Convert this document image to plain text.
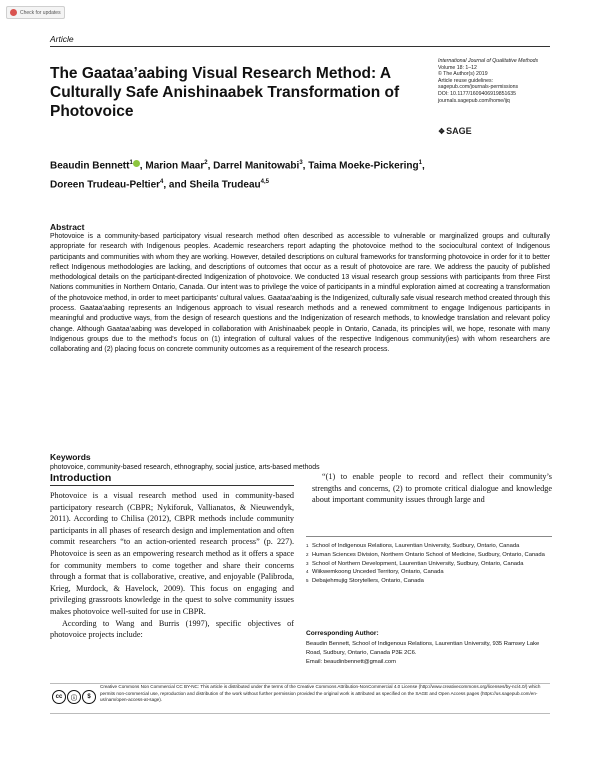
Check for updates
Article
The Gaataa’aabing Visual Research Method: A Culturally Safe Anishinaabek Transformation of Photovoice
International Journal of Qualitative Methods
Volume 18: 1–12
© The Author(s) 2019
Article reuse guidelines:
sagepub.com/journals-permissions
DOI: 10.1177/1609406919851635
journals.sagepub.com/home/ijq
❖ SAGE
Beaudin Bennett$^1$ , Marion Maar$^2$, Darrel Manitowabi$^3$, Taima Moeke-Pickering$^1$,
Doreen Trudeau-Peltier$^4$, and Sheila Trudeau$^{4,5}$
Abstract
Photovoice is a community-based participatory visual research method often described as accessible to vulnerable or marginalized groups and culturally appropriate for research with Indigenous peoples. Academic researchers report adapting the photovoice method to the sociocultural context of Indigenous participants and communities with whom they are working. However, detailed descriptions on cultural frameworks for transforming photovoice in order for it to better reflect Indigenous methodologies are lacking, and descriptions of outcomes that occur as a result of photovoice are rare. We address the paucity of published methodological details on the participant-directed Indigenization of photovoice. We conducted 13 visual research group sessions with participants from three First Nations communities in Northern Ontario, Canada. Our intent was to privilege the voice of participants in a mindful exploration aimed at cocreating a transformation of the photovoice method, in order to meet participants’ cultural values. Gaataa’aabing is the Indigenized, culturally safe visual research method created through this process. Gaataa’aabing represents an Indigenous approach to visual research methods and a renewed commitment to engage Indigenous participants in meaningful and productive ways, from the design of research questions and the Indigenization of research methods, to knowledge translation and relevant policy change. Although Gaataa’aabing was developed in collaboration with Anishinaabek people in Ontario, Canada, its principles will, we hope, resonate with many Indigenous groups due to the method’s focus on (1) integration of cultural values of the respective Indigenous community(ies) with whom researchers are collaborating and (2) placing focus on concrete community outcomes as a requirement of the research process.
Keywords
photovoice, community-based research, ethnography, social justice, arts-based methods
Introduction

Photovoice is a visual research method used in community-based participatory research (CBPR; Nykiforuk, Vallianatos, & Nieuwendyk, 2011). According to Chilisa (2012), CBPR methods include community participants in all phases of research design and implementation and often commit researchers “to an action-oriented research process” (p. 227). Photovoice is seen as an empowering research method as it offers a space for community members to come together and share their concerns through a format that is collaborative, creative, and enjoyable (Palibroda, Krieg, Murdock, & Havelock, 2009). This focus on engaging and privileging grassroots knowledge in the quest to solve community issues makes photovoice well-suited for use in CBPR.

According to Wang and Burris (1997), specific objectives of photovoice projects include:

“(1) to enable people to record and reflect their community’s strengths and concerns, (2) to promote critical dialogue and knowledge about important community issues through large and
1 School of Indigenous Relations, Laurentian University, Sudbury, Ontario, Canada
2 Human Sciences Division, Northern Ontario School of Medicine, Sudbury, Ontario, Canada
3 School of Northern Development, Laurentian University, Sudbury, Ontario, Canada
4 Wiikwemkoong Unceded Territory, Ontario, Canada
5 Debajehmujig Storytellers, Ontario, Canada
Corresponding Author:
Beaudin Bennett, School of Indigenous Relations, Laurentian University, 935 Ramsey Lake Road, Sudbury, Ontario, Canada P3E 2C6.
Email: beaudinbennett@gmail.com
cc	ⓘ	$
Creative Commons Non Commercial CC BY-NC: This article is distributed under the terms of the Creative Commons Attribution-NonCommercial 4.0 License (http://www.creativecommons.org/licenses/by-nc/4.0/) which permits non-commercial use, reproduction and distribution of the work without further permission provided the original work is attributed as specified on the SAGE and Open Access pages (https://us.sagepub.com/en-us/nam/open-access-at-sage).
